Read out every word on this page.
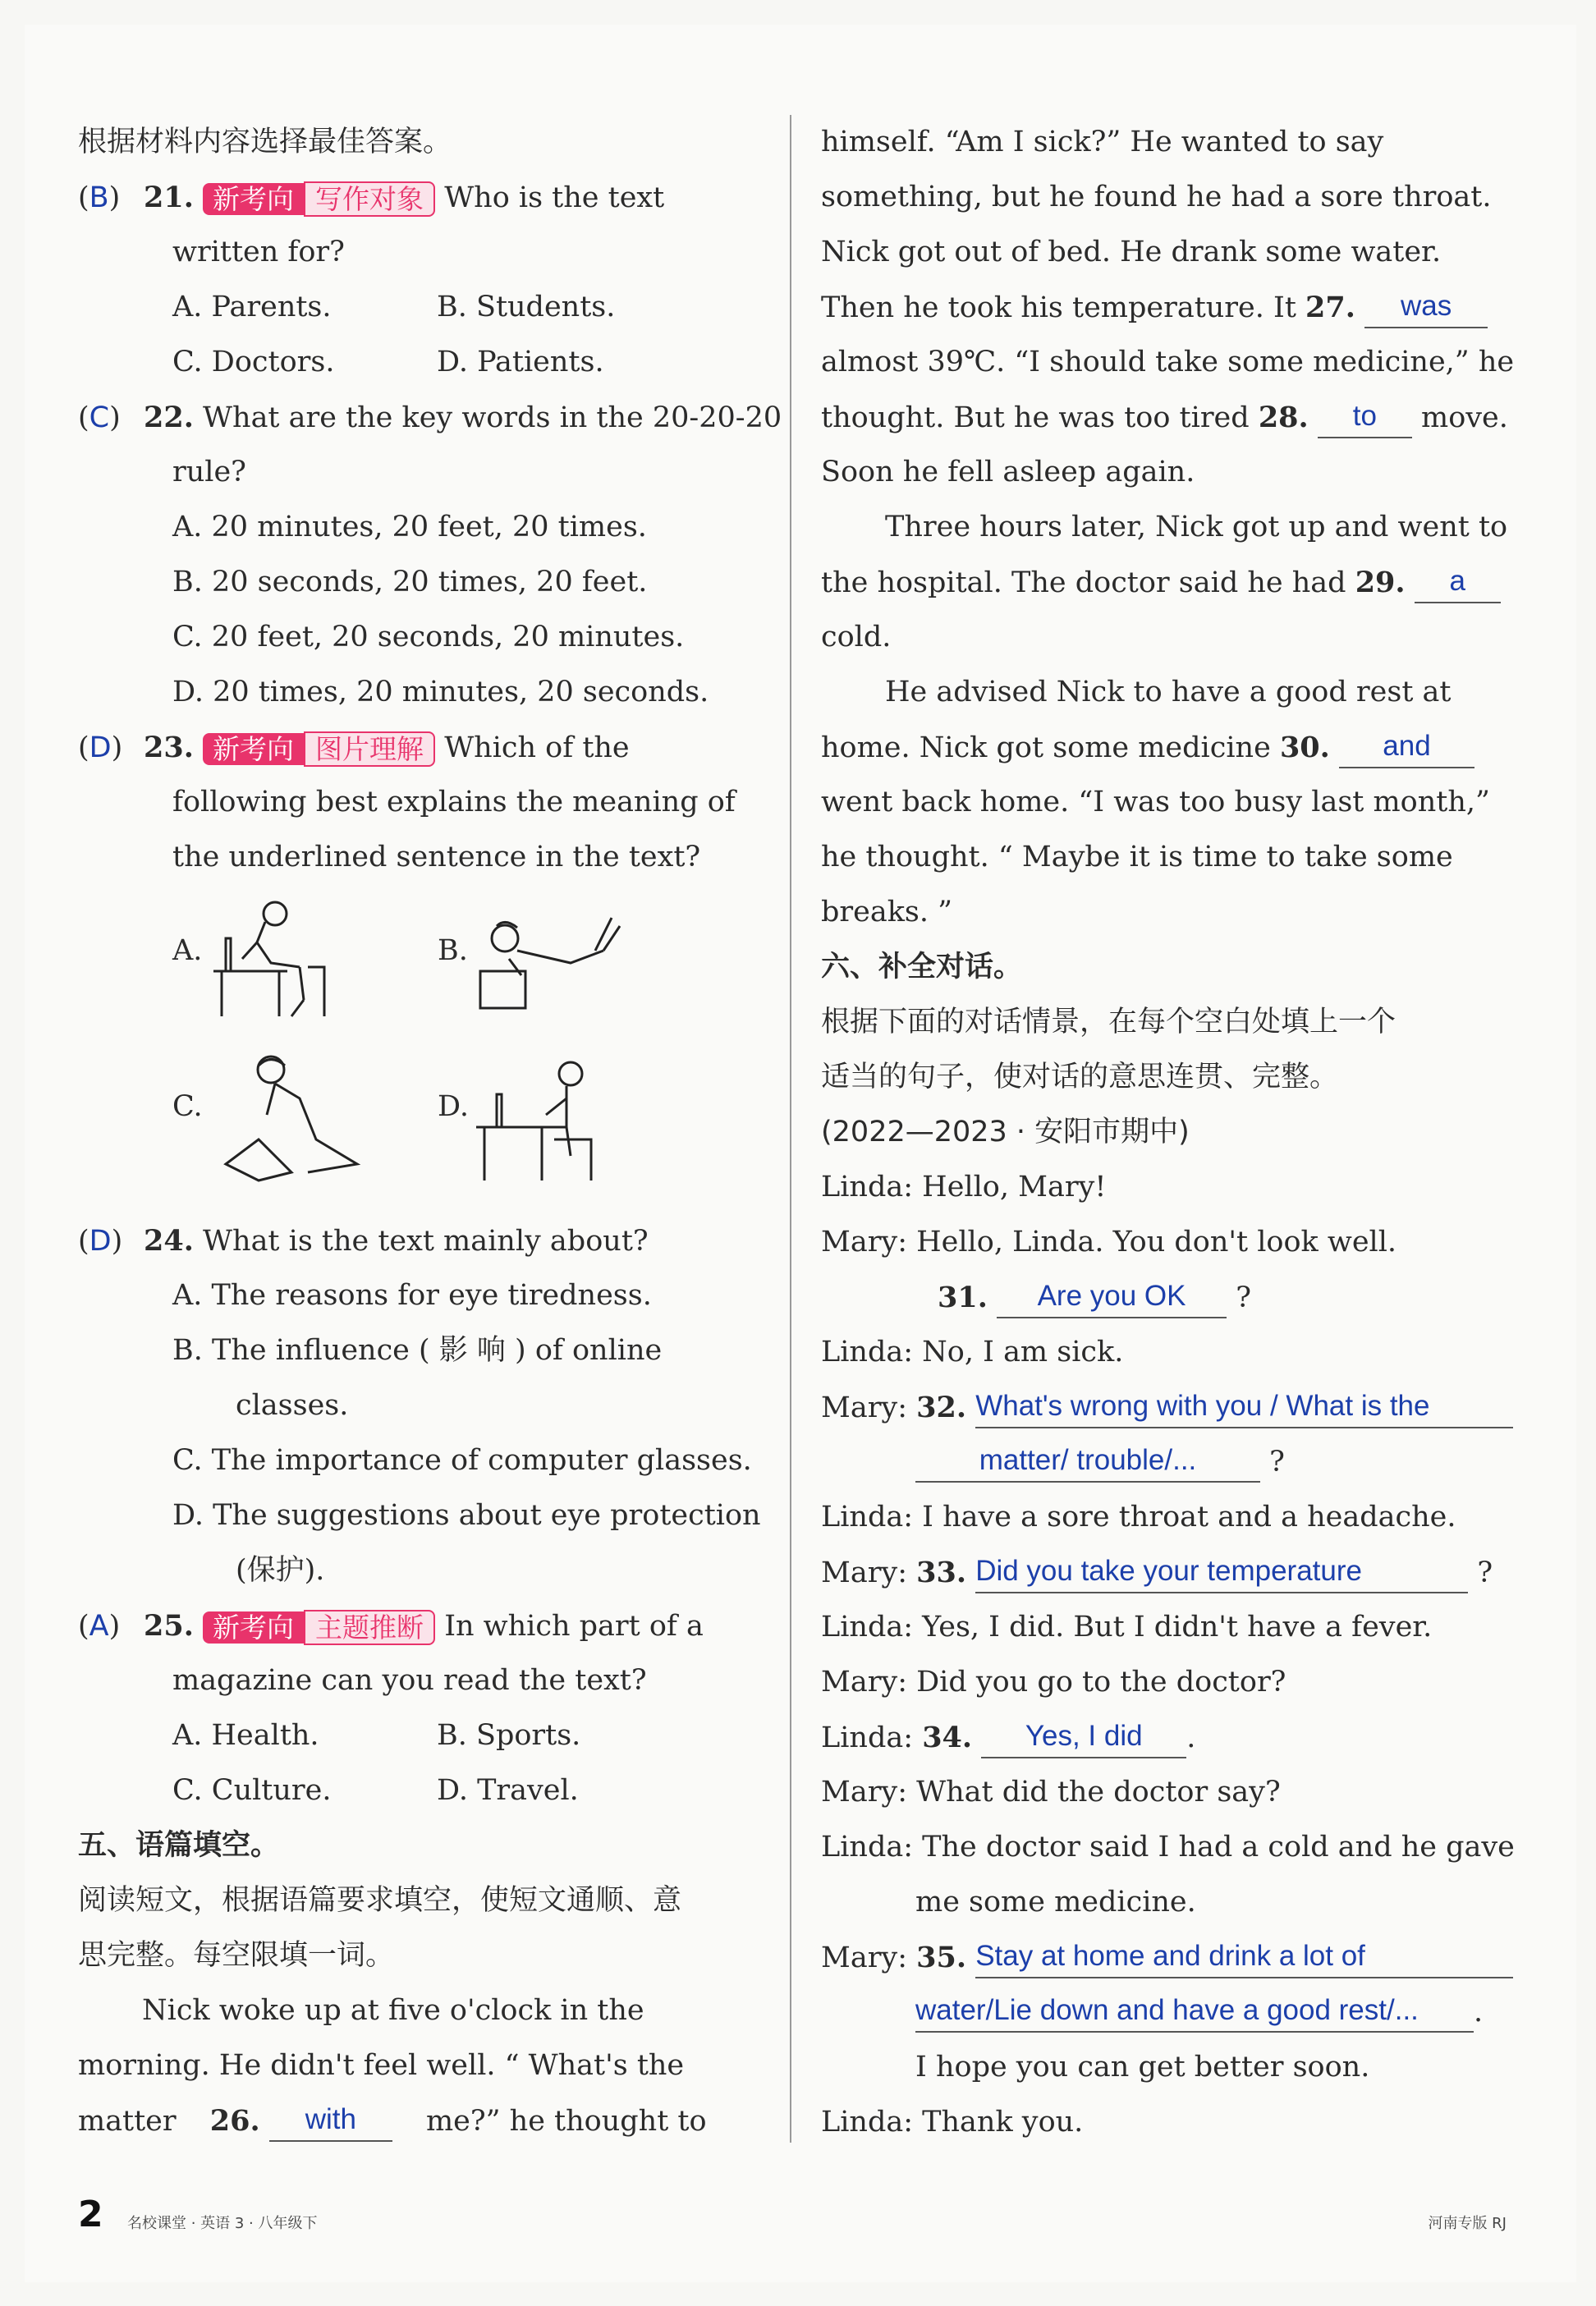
根据材料内容选择最佳答案。
(B) 21. 新考向 写作对象 Who is the text
written for?
A. Parents.	B. Students.
C. Doctors.	D. Patients.
(C) 22. What are the key words in the 20-20-20
rule?
A. 20 minutes, 20 feet, 20 times.
B. 20 seconds, 20 times, 20 feet.
C. 20 feet, 20 seconds, 20 minutes.
D. 20 times, 20 minutes, 20 seconds.
(D) 23. 新考向 图片理解 Which of the
following best explains the meaning of
the underlined sentence in the text?
A.	B.
C.	D.
(D) 24. What is the text mainly about?
A. The reasons for eye tiredness.
B. The influence ( 影 响 ) of online
classes.
C. The importance of computer glasses.
D. The suggestions about eye protection
(保护).
(A) 25. 新考向 主题推断 In which part of a
magazine can you read the text?
A. Health.	B. Sports.
C. Culture.	D. Travel.
五、语篇填空。
阅读短文，根据语篇要求填空，使短文通顺、意
思完整。每空限填一词。
Nick woke up at five o'clock in the
morning. He didn't feel well. “ What's the
matter 26. with me?” he thought to
himself. “Am I sick?” He wanted to say
something, but he found he had a sore throat.
Nick got out of bed. He drank some water.
Then he took his temperature. It 27. was
almost 39℃. “I should take some medicine,” he
thought. But he was too tired 28. to move.
Soon he fell asleep again.
Three hours later, Nick got up and went to
the hospital. The doctor said he had 29. a
cold.
He advised Nick to have a good rest at
home. Nick got some medicine 30. and
went back home. “I was too busy last month,”
he thought. “ Maybe it is time to take some
breaks. ”
六、补全对话。
根据下面的对话情景，在每个空白处填上一个
适当的句子，使对话的意思连贯、完整。
(2022—2023 · 安阳市期中)
Linda: Hello, Mary!
Mary: Hello, Linda. You don't look well.
31. Are you OK ?
Linda: No, I am sick.
Mary: 32. What's wrong with you / What is the
matter/ trouble/...	?
Linda: I have a sore throat and a headache.
Mary: 33. Did you take your temperature	?
Linda: Yes, I did. But I didn't have a fever.
Mary: Did you go to the doctor?
Linda: 34. Yes, I did .
Mary: What did the doctor say?
Linda: The doctor said I had a cold and he gave
me some medicine.
Mary: 35. Stay at home and drink a lot of
water/Lie down and have a good rest/... .
I hope you can get better soon.
Linda: Thank you.
2 名校课堂 · 英语 3 · 八年级下	河南专版 RJ
